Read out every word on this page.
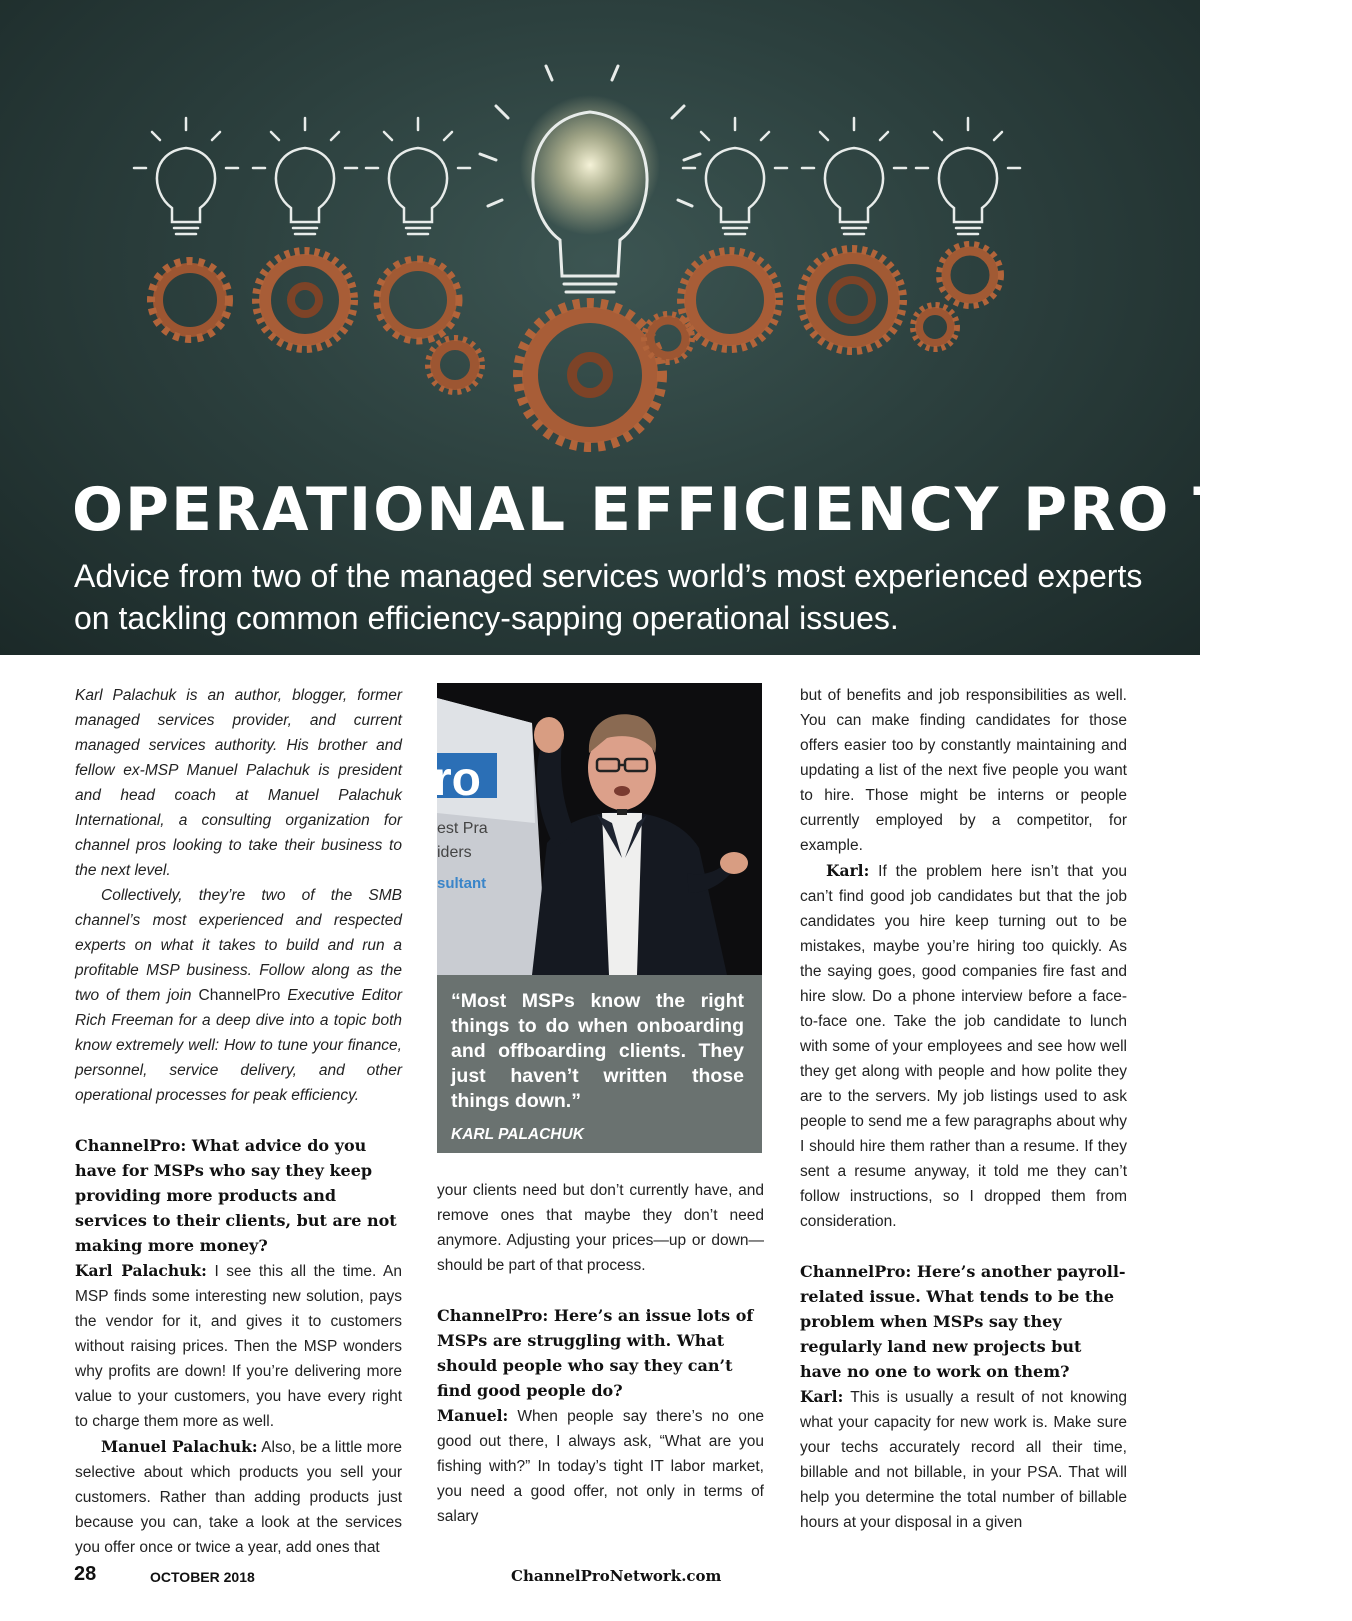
OPERATIONAL EFFICIENCY PRO TIPS

Advice from two of the managed services world’s most experienced experts on tackling common efficiency-sapping operational issues.

Karl Palachuk is an author, blogger, former managed services provider, and current managed services authority. His brother and fellow ex-MSP Manuel Palachuk is president and head coach at Manuel Palachuk International, a consulting organization for channel pros looking to take their business to the next level.

Collectively, they’re two of the SMB channel’s most experienced and respected experts on what it takes to build and run a profitable MSP business. Follow along as the two of them join ChannelPro Executive Editor Rich Freeman for a deep dive into a topic both know extremely well: How to tune your finance, personnel, service delivery, and other operational processes for peak efficiency.

ChannelPro: What advice do you have for MSPs who say they keep providing more products and services to their clients, but are not making more money?

Karl Palachuk: I see this all the time. An MSP finds some interesting new solution, pays the vendor for it, and gives it to customers without raising prices. Then the MSP wonders why profits are down! If you’re delivering more value to your customers, you have every right to charge them more as well.

Manuel Palachuk: Also, be a little more selective about which products you sell your customers. Rather than adding products just because you can, take a look at the services you offer once or twice a year, add ones that

ro
est Pra
iders
sultant

“Most MSPs know the right things to do when onboarding and offboarding clients. They just haven’t written those things down.”

KARL PALACHUK

your clients need but don’t currently have, and remove ones that maybe they don’t need anymore. Adjusting your prices—up or down—should be part of that process.

ChannelPro: Here’s an issue lots of MSPs are struggling with. What should people who say they can’t find good people do?

Manuel: When people say there’s no one good out there, I always ask, “What are you fishing with?” In today’s tight IT labor market, you need a good offer, not only in terms of salary

but of benefits and job responsibilities as well. You can make finding candidates for those offers easier too by constantly maintaining and updating a list of the next five people you want to hire. Those might be interns or people currently employed by a competitor, for example.

Karl: If the problem here isn’t that you can’t find good job candidates but that the job candidates you hire keep turning out to be mistakes, maybe you’re hiring too quickly. As the saying goes, good companies fire fast and hire slow. Do a phone interview before a face-to-face one. Take the job candidate to lunch with some of your employees and see how well they get along with people and how polite they are to the servers. My job listings used to ask people to send me a few paragraphs about why I should hire them rather than a resume. If they sent a resume anyway, it told me they can’t follow instructions, so I dropped them from consideration.

ChannelPro: Here’s another payroll-related issue. What tends to be the problem when MSPs say they regularly land new projects but have no one to work on them?

Karl: This is usually a result of not knowing what your capacity for new work is. Make sure your techs accurately record all their time, billable and not billable, in your PSA. That will help you determine the total number of billable hours at your disposal in a given

28	OCTOBER 2018	ChannelProNetwork.com
